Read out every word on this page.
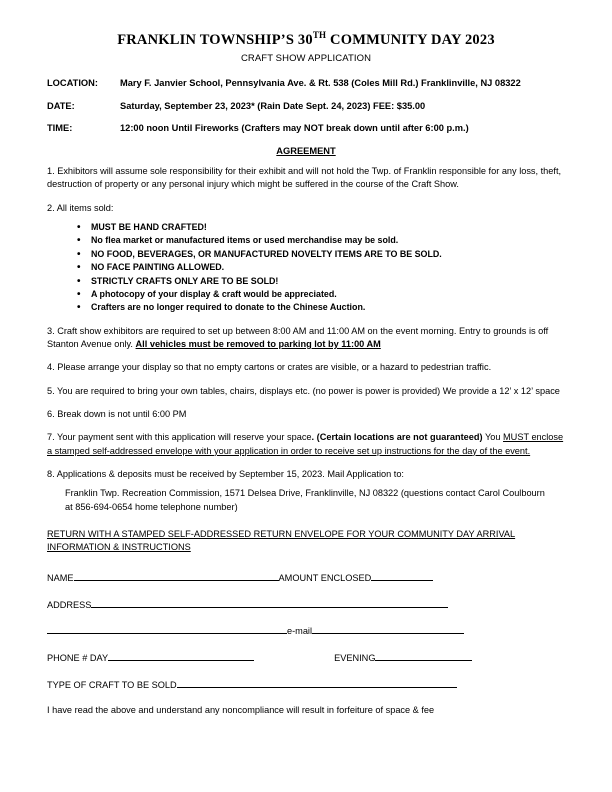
FRANKLIN TOWNSHIP’S 30TH COMMUNITY DAY 2023
CRAFT SHOW APPLICATION
LOCATION:	Mary F. Janvier School, Pennsylvania Ave. & Rt. 538 (Coles Mill Rd.) Franklinville, NJ 08322
DATE:	Saturday, September 23, 2023* (Rain Date Sept. 24, 2023) FEE: $35.00
TIME:	12:00 noon Until Fireworks (Crafters may NOT break down until after 6:00 p.m.)
AGREEMENT

1. Exhibitors will assume sole responsibility for their exhibit and will not hold the Twp. of Franklin responsible for any loss, theft, destruction of property or any personal injury which might be suffered in the course of the Craft Show.

2. All items sold:

• MUST BE HAND CRAFTED!
• No flea market or manufactured items or used merchandise may be sold.
• NO FOOD, BEVERAGES, OR MANUFACTURED NOVELTY ITEMS ARE TO BE SOLD.
• NO FACE PAINTING ALLOWED.
• STRICTLY CRAFTS ONLY ARE TO BE SOLD!
• A photocopy of your display & craft would be appreciated.
• Crafters are no longer required to donate to the Chinese Auction.

3. Craft show exhibitors are required to set up between 8:00 AM and 11:00 AM on the event morning. Entry to grounds is off Stanton Avenue only. All vehicles must be removed to parking lot by 11:00 AM

4. Please arrange your display so that no empty cartons or crates are visible, or a hazard to pedestrian traffic.

5. You are required to bring your own tables, chairs, displays etc. (no power is power is provided) We provide a 12’ x 12’ space

6. Break down is not until 6:00 PM

7. Your payment sent with this application will reserve your space. (Certain locations are not guaranteed) You MUST enclose a stamped self-addressed envelope with your application in order to receive set up instructions for the day of the event.

8. Applications & deposits must be received by September 15, 2023. Mail Application to:

Franklin Twp. Recreation Commission, 1571 Delsea Drive, Franklinville, NJ 08322 (questions contact Carol Coulbourn
at 856-694-0654 home telephone number)
RETURN WITH A STAMPED SELF-ADDRESSED RETURN ENVELOPE FOR YOUR COMMUNITY DAY ARRIVAL INFORMATION & INSTRUCTIONS
NAME	AMOUNT ENCLOSED
ADDRESS
e-mail
PHONE # DAY	EVENING
TYPE OF CRAFT TO BE SOLD
I have read the above and understand any noncompliance will result in forfeiture of space & fee
